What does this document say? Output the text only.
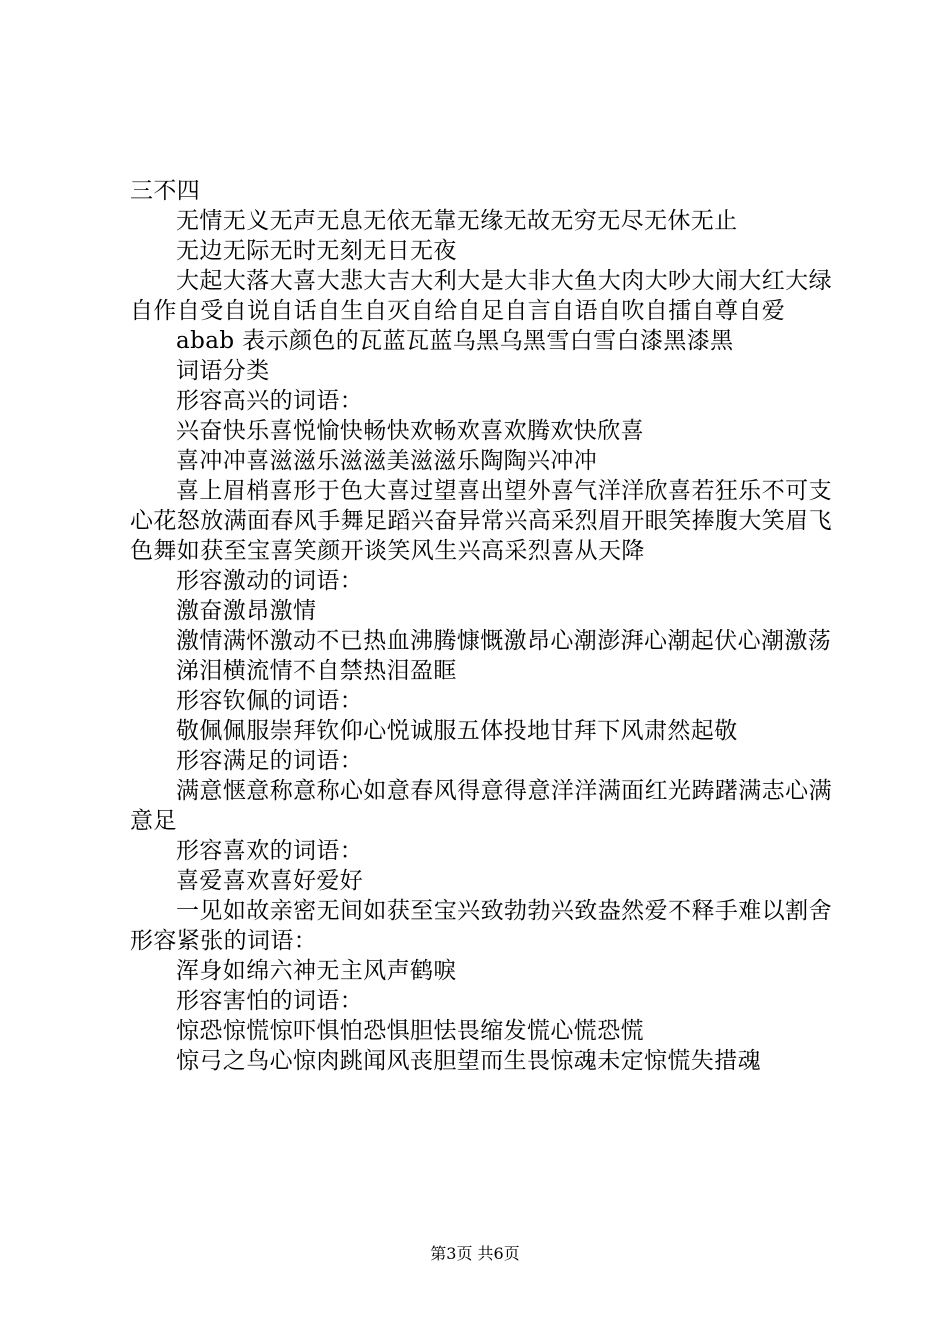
三不四

无情无义无声无息无依无靠无缘无故无穷无尽无休无止

无边无际无时无刻无日无夜

大起大落大喜大悲大吉大利大是大非大鱼大肉大吵大闹大红大绿自作自受自说自话自生自灭自给自足自言自语自吹自擂自尊自爱

abab 表示颜色的瓦蓝瓦蓝乌黑乌黑雪白雪白漆黑漆黑

词语分类

形容高兴的词语：

兴奋快乐喜悦愉快畅快欢畅欢喜欢腾欢快欣喜

喜冲冲喜滋滋乐滋滋美滋滋乐陶陶兴冲冲

喜上眉梢喜形于色大喜过望喜出望外喜气洋洋欣喜若狂乐不可支心花怒放满面春风手舞足蹈兴奋异常兴高采烈眉开眼笑捧腹大笑眉飞色舞如获至宝喜笑颜开谈笑风生兴高采烈喜从天降

形容激动的词语：

激奋激昂激情

激情满怀激动不已热血沸腾慷慨激昂心潮澎湃心潮起伏心潮激荡

涕泪横流情不自禁热泪盈眶

形容钦佩的词语：

敬佩佩服崇拜钦仰心悦诚服五体投地甘拜下风肃然起敬

形容满足的词语：

满意惬意称意称心如意春风得意得意洋洋满面红光踌躇满志心满意足

形容喜欢的词语：

喜爱喜欢喜好爱好

一见如故亲密无间如获至宝兴致勃勃兴致盎然爱不释手难以割舍形容紧张的词语：

浑身如绵六神无主风声鹤唳

形容害怕的词语：

惊恐惊慌惊吓惧怕恐惧胆怯畏缩发慌心慌恐慌

惊弓之鸟心惊肉跳闻风丧胆望而生畏惊魂未定惊慌失措魂

第3页 共6页
